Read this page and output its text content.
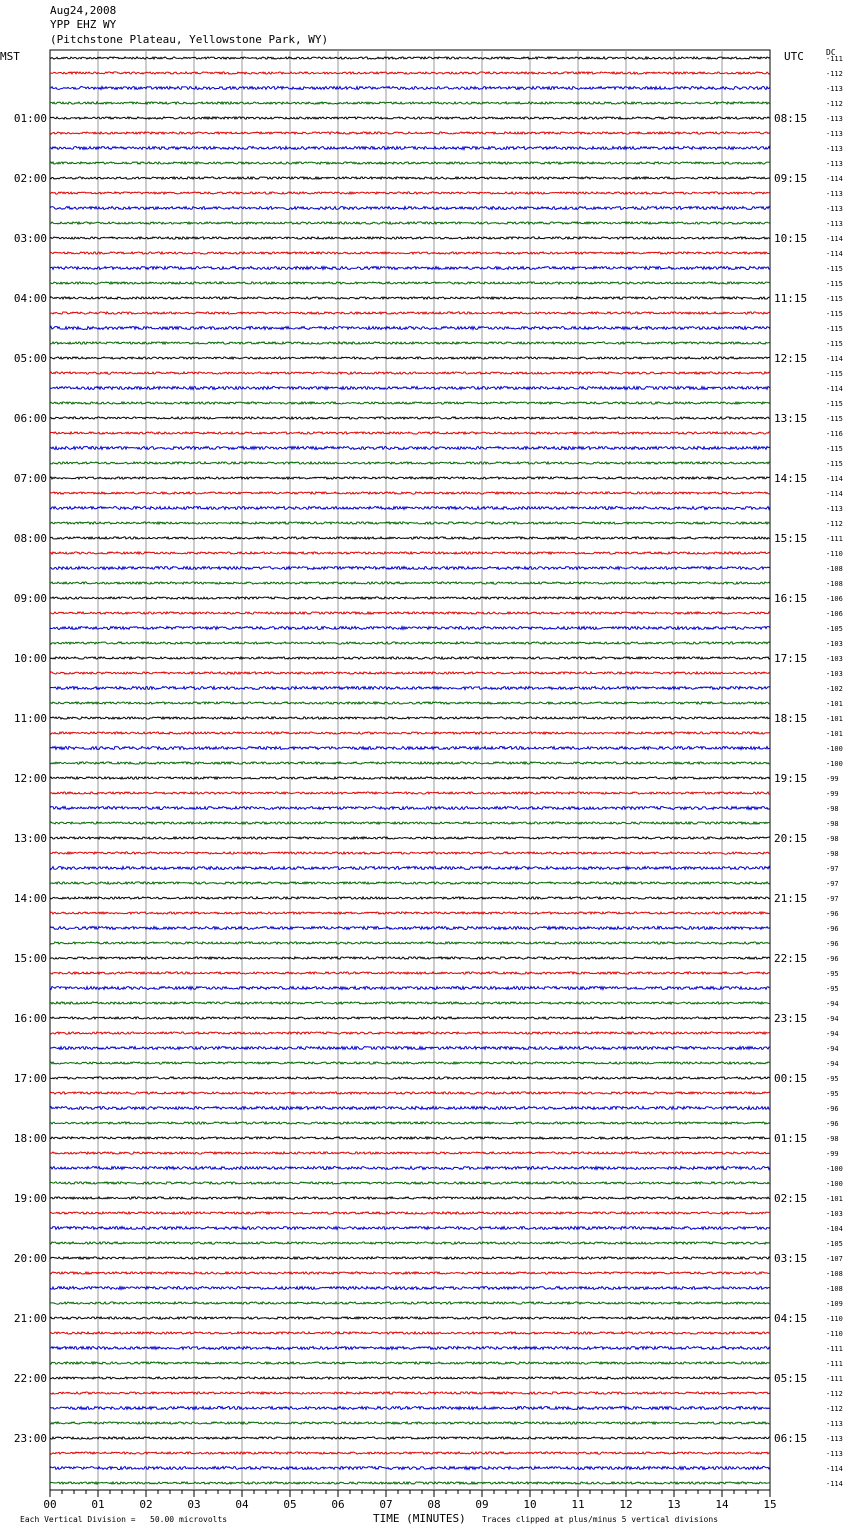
Aug24,2008
YPP EHZ WY
(Pitchstone Plateau, Yellowstone Park, WY)
MST	UTC	DC
-111
-112
-113
-112
-113
-113
-113
-113
-114
-113
-113
-113
-114
-114
-115
-115
-115
-115
-115
-115
-114
-115
-114
-115
-115
-116
-115
-115
-114
-114
-113
-112
-111
-110
-108
-108
-106
-106
-105
-103
-103
-103
-102
-101
-101
-101
-100
-100
-99
-99
-98
-98
-98
-98
-97
-97
-97
-96
-96
-96
-96
-95
-95
-94
-94
-94
-94
-94
-95
-95
-96
-96
-98
-99
-100
-100
-101
-103
-104
-105
-107
-108
-108
-109
-110
-110
-111
-111
-111
-112
-112
-113
-113
-113
-114
-114
01:00
02:00
03:00
04:00
05:00
06:00
07:00
08:00
09:00
10:00
11:00
12:00
13:00
14:00
15:00
16:00
17:00
18:00
19:00
20:00
21:00
22:00
23:00
08:15
09:15
10:15
11:15
12:15
13:15
14:15
15:15
16:15
17:15
18:15
19:15
20:15
21:15
22:15
23:15
00:15
01:15
02:15
03:15
04:15
05:15
06:15
00	01	02	03	04	05	06	07	08	09	10	11	12	13	14	15
Each Vertical Division =   50.00 microvolts	TIME (MINUTES) Traces clipped at plus/minus 5 vertical divisions
